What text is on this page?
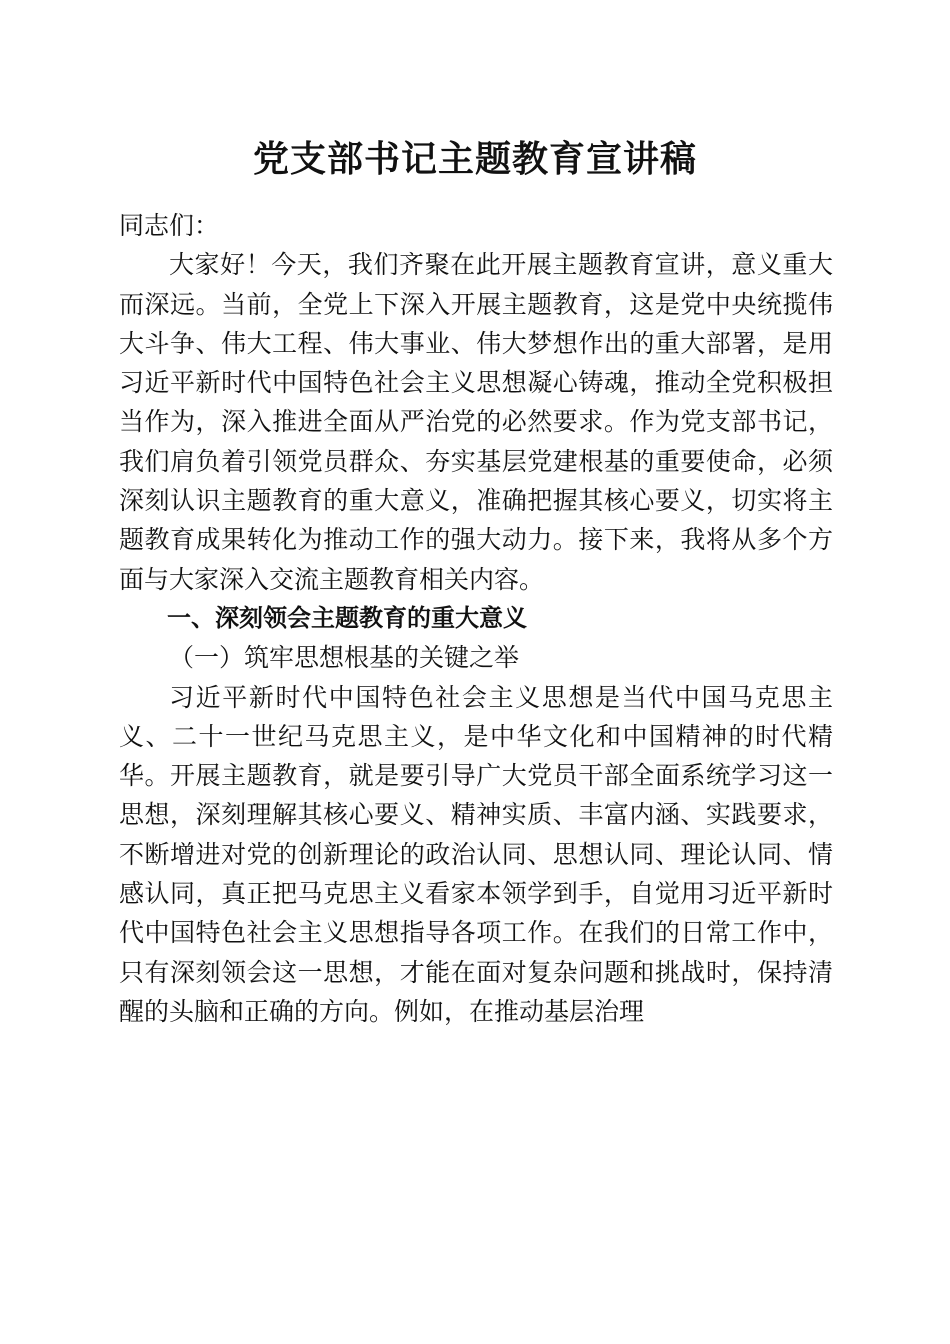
党支部书记主题教育宣讲稿

同志们：

大家好！今天，我们齐聚在此开展主题教育宣讲，意义重大而深远。当前，全党上下深入开展主题教育，这是党中央统揽伟大斗争、伟大工程、伟大事业、伟大梦想作出的重大部署，是用习近平新时代中国特色社会主义思想凝心铸魂，推动全党积极担当作为，深入推进全面从严治党的必然要求。作为党支部书记，我们肩负着引领党员群众、夯实基层党建根基的重要使命，必须深刻认识主题教育的重大意义，准确把握其核心要义，切实将主题教育成果转化为推动工作的强大动力。接下来，我将从多个方面与大家深入交流主题教育相关内容。

一、深刻领会主题教育的重大意义

（一）筑牢思想根基的关键之举

习近平新时代中国特色社会主义思想是当代中国马克思主义、二十一世纪马克思主义，是中华文化和中国精神的时代精华。开展主题教育，就是要引导广大党员干部全面系统学习这一思想，深刻理解其核心要义、精神实质、丰富内涵、实践要求，不断增进对党的创新理论的政治认同、思想认同、理论认同、情感认同，真正把马克思主义看家本领学到手，自觉用习近平新时代中国特色社会主义思想指导各项工作。在我们的日常工作中，只有深刻领会这一思想，才能在面对复杂问题和挑战时，保持清醒的头脑和正确的方向。例如，在推动基层治理
